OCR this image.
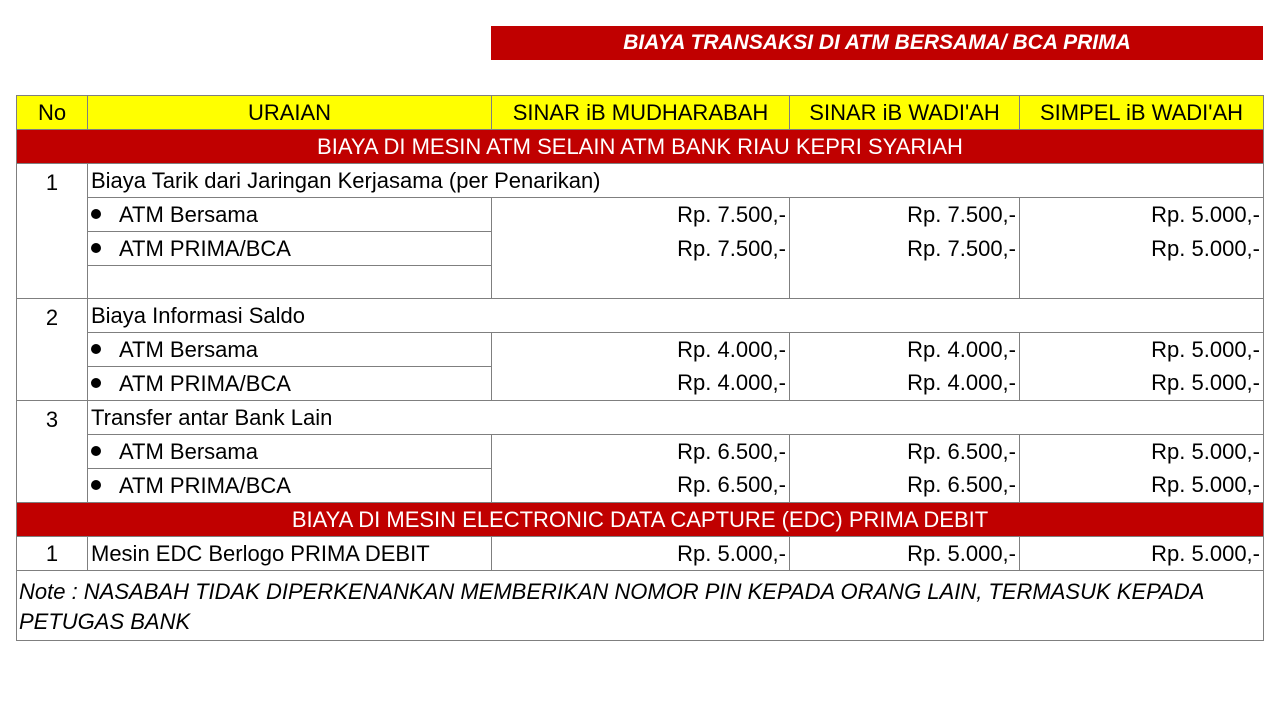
BIAYA TRANSAKSI DI ATM BERSAMA/ BCA PRIMA
No	URAIAN	SINAR iB MUDHARABAH	SINAR iB WADI'AH	SIMPEL iB WADI'AH
BIAYA DI MESIN ATM SELAIN ATM BANK RIAU KEPRI SYARIAH				
1	Biaya Tarik dari Jaringan Kerjasama (per Penarikan)			
	ATM Bersama	Rp. 7.500,-	Rp. 7.500,-	Rp. 5.000,-
	ATM PRIMA/BCA	Rp. 7.500,-	Rp. 7.500,-	Rp. 5.000,-

2	Biaya Informasi Saldo			
	ATM Bersama	Rp. 4.000,-	Rp. 4.000,-	Rp. 5.000,-
	ATM PRIMA/BCA	Rp. 4.000,-	Rp. 4.000,-	Rp. 5.000,-
3	Transfer antar Bank Lain			
	ATM Bersama	Rp. 6.500,-	Rp. 6.500,-	Rp. 5.000,-
	ATM PRIMA/BCA	Rp. 6.500,-	Rp. 6.500,-	Rp. 5.000,-
BIAYA DI MESIN ELECTRONIC DATA CAPTURE (EDC) PRIMA DEBIT				
1	Mesin EDC Berlogo PRIMA DEBIT	Rp. 5.000,-	Rp. 5.000,-	Rp. 5.000,-
Note : NASABAH TIDAK DIPERKENANKAN MEMBERIKAN NOMOR PIN KEPADA ORANG LAIN, TERMASUK KEPADA PETUGAS BANK				
